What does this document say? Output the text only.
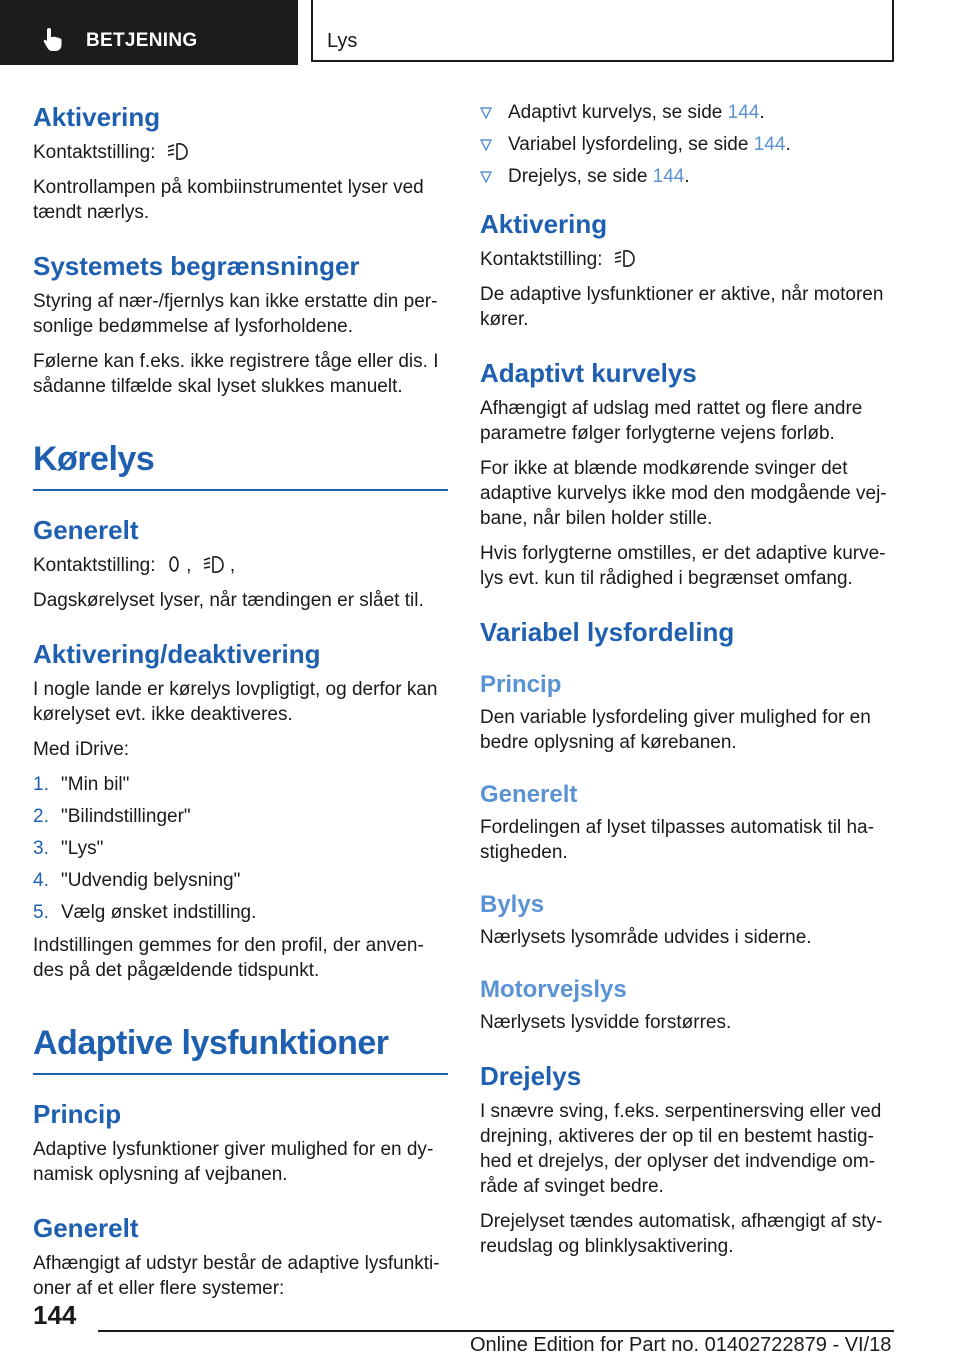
BETJENING	Lys
Aktivering

Kontaktstilling:

Kontrollampen på kombiinstrumentet lyser ved tændt nærlys.

Systemets begrænsninger

Styring af nær-/fjernlys kan ikke erstatte din personlige bedømmelse af lysforholdene.

Følerne kan f.eks. ikke registrere tåge eller dis. I sådanne tilfælde skal lyset slukkes manuelt.

Kørelys
Generelt

Kontaktstilling: , ,

Dagskørelyset lyser, når tændingen er slået til.

Aktivering/deaktivering

I nogle lande er kørelys lovpligtigt, og derfor kan kørelyset evt. ikke deaktiveres.

Med iDrive:

1. "Min bil"
2. "Bilindstillinger"
3. "Lys"
4. "Udvendig belysning"
5. Vælg ønsket indstilling.

Indstillingen gemmes for den profil, der anvendes på det pågældende tidspunkt.

Adaptive lysfunktioner
Princip

Adaptive lysfunktioner giver mulighed for en dynamisk oplysning af vejbanen.

Generelt

Afhængigt af udstyr består de adaptive lysfunktioner af et eller flere systemer:

Adaptivt kurvelys, se side 144.
Variabel lysfordeling, se side 144.
Drejelys, se side 144.
Aktivering

Kontaktstilling:

De adaptive lysfunktioner er aktive, når motoren kører.

Adaptivt kurvelys

Afhængigt af udslag med rattet og flere andre parametre følger forlygterne vejens forløb.

For ikke at blænde modkørende svinger det adaptive kurvelys ikke mod den modgående vejbane, når bilen holder stille.

Hvis forlygterne omstilles, er det adaptive kurvelys evt. kun til rådighed i begrænset omfang.

Variabel lysfordeling
Princip

Den variable lysfordeling giver mulighed for en bedre oplysning af kørebanen.

Generelt

Fordelingen af lyset tilpasses automatisk til hastigheden.

Bylys

Nærlysets lysområde udvides i siderne.

Motorvejslys

Nærlysets lysvidde forstørres.

Drejelys

I snævre sving, f.eks. serpentinersving eller ved drejning, aktiveres der op til en bestemt hastighed et drejelys, der oplyser det indvendige område af svinget bedre.

Drejelyset tændes automatisk, afhængigt af styreudslag og blinklysaktivering.

144
Online Edition for Part no. 01402722879 - VI/18
